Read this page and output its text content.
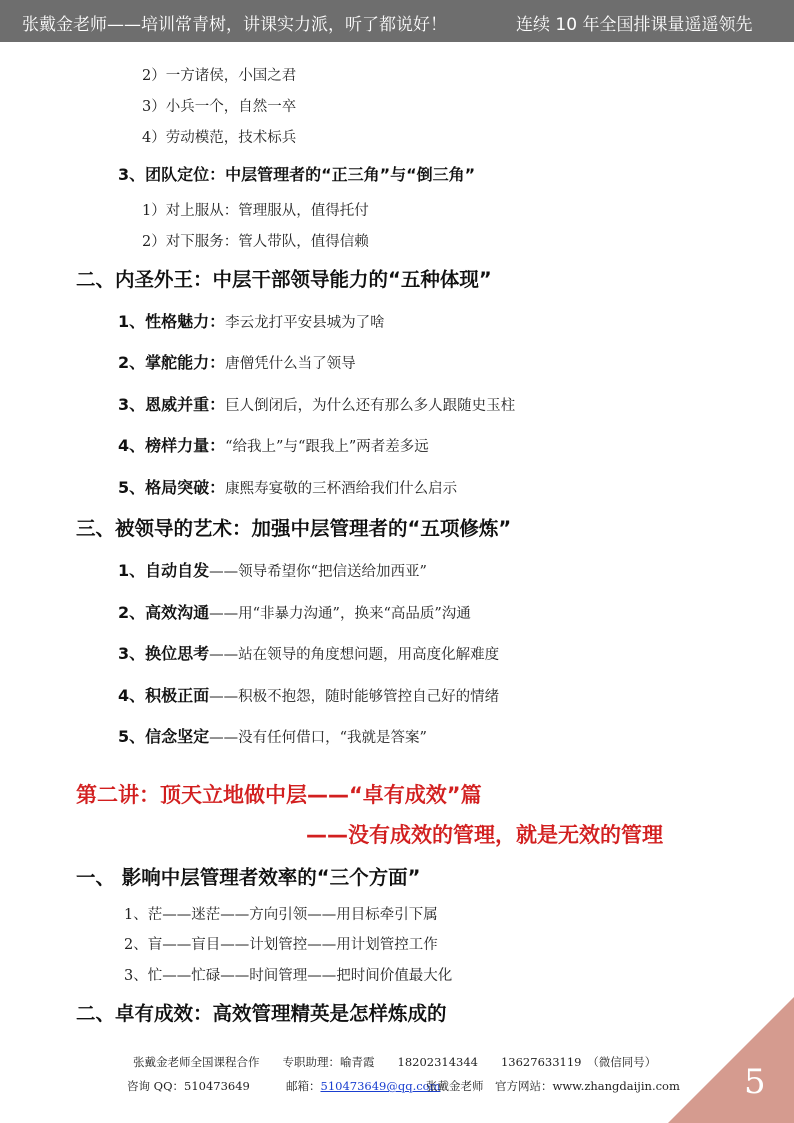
张戴金老师——培训常青树，讲课实力派，听了都说好！	连续 10 年全国排课量遥遥领先
2）一方诸侯，小国之君
3）小兵一个，自然一卒
4）劳动模范，技术标兵
3、团队定位：中层管理者的“正三角”与“倒三角”
1）对上服从：管理服从，值得托付
2）对下服务：管人带队，值得信赖
二、内圣外王：中层干部领导能力的“五种体现”
1、性格魅力：李云龙打平安县城为了啥
2、掌舵能力：唐僧凭什么当了领导
3、恩威并重：巨人倒闭后，为什么还有那么多人跟随史玉柱
4、榜样力量：“给我上”与“跟我上”两者差多远
5、格局突破：康熙寿宴敬的三杯酒给我们什么启示
三、被领导的艺术：加强中层管理者的“五项修炼”
1、自动自发——领导希望你“把信送给加西亚”
2、高效沟通——用“非暴力沟通”，换来“高品质”沟通
3、换位思考——站在领导的角度想问题，用高度化解难度
4、积极正面——积极不抱怨，随时能够管控自己好的情绪
5、信念坚定——没有任何借口，“我就是答案”
第二讲：顶天立地做中层——“卓有成效”篇
——没有成效的管理，就是无效的管理
一、 影响中层管理者效率的“三个方面”
1、茫——迷茫——方向引领——用目标牵引下属
2、盲——盲目——计划管控——用计划管控工作
3、忙——忙碌——时间管理——把时间价值最大化
二、卓有成效：高效管理精英是怎样炼成的
张戴金老师全国课程合作　　专职助理：喻青霞　　18202314344　　13627633119　（微信同号）
咨询 QQ：510473649	邮箱：510473649@qq.com
张戴金老师　官方网站：www.zhangdaijin.com 5
